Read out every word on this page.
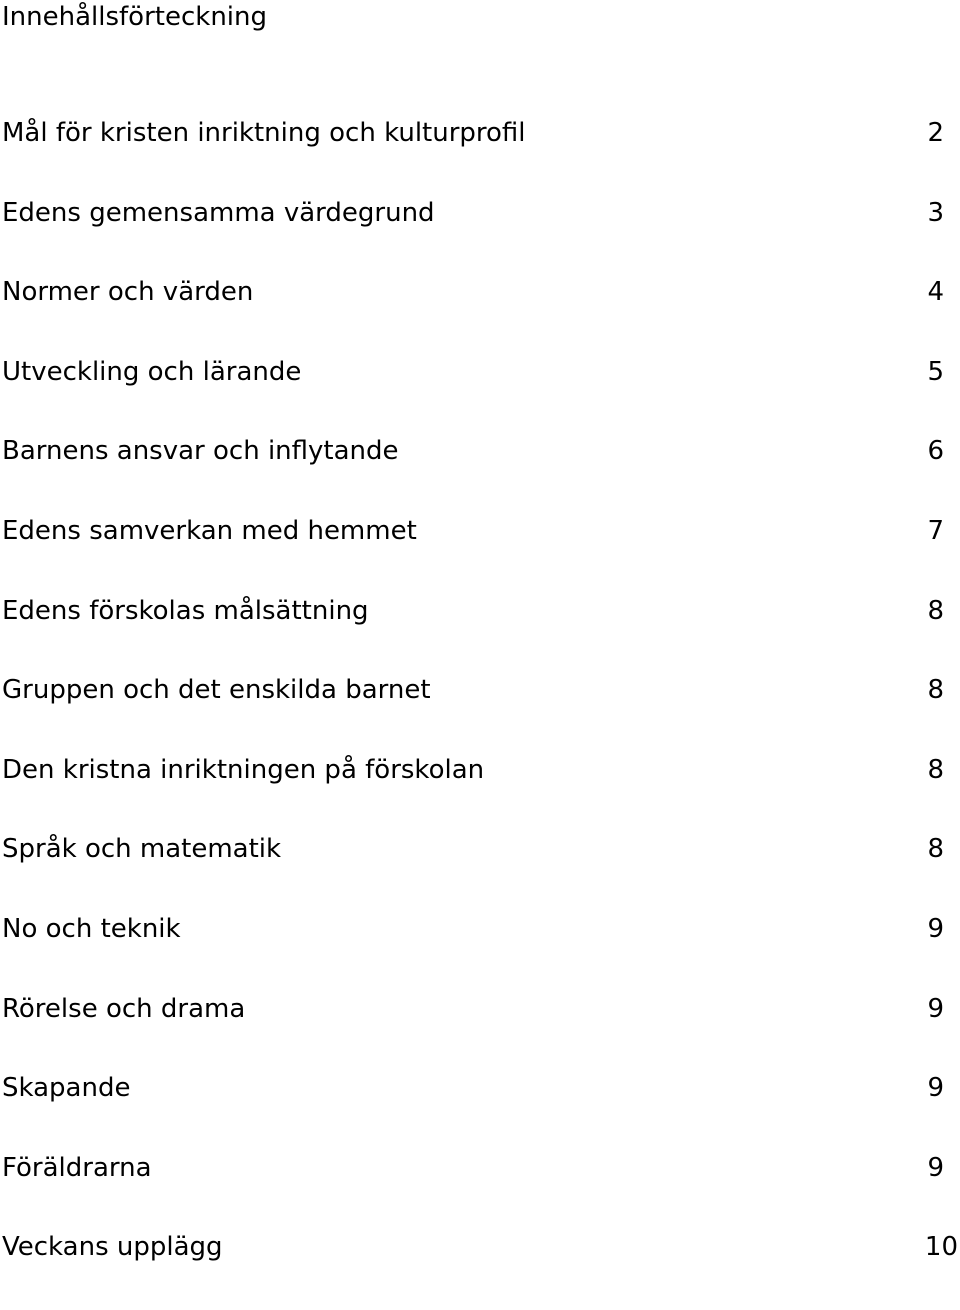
Innehållsförteckning
Mål för kristen inriktning och kulturprofil	2
Edens gemensamma värdegrund	3
Normer och värden	4
Utveckling och lärande	5
Barnens ansvar och inflytande	6
Edens samverkan med hemmet	7
Edens förskolas målsättning	8
Gruppen och det enskilda barnet	8
Den kristna inriktningen på förskolan	8
Språk och matematik	8
No och teknik	9
Rörelse och drama	9
Skapande	9
Föräldrarna	9
Veckans upplägg	10
